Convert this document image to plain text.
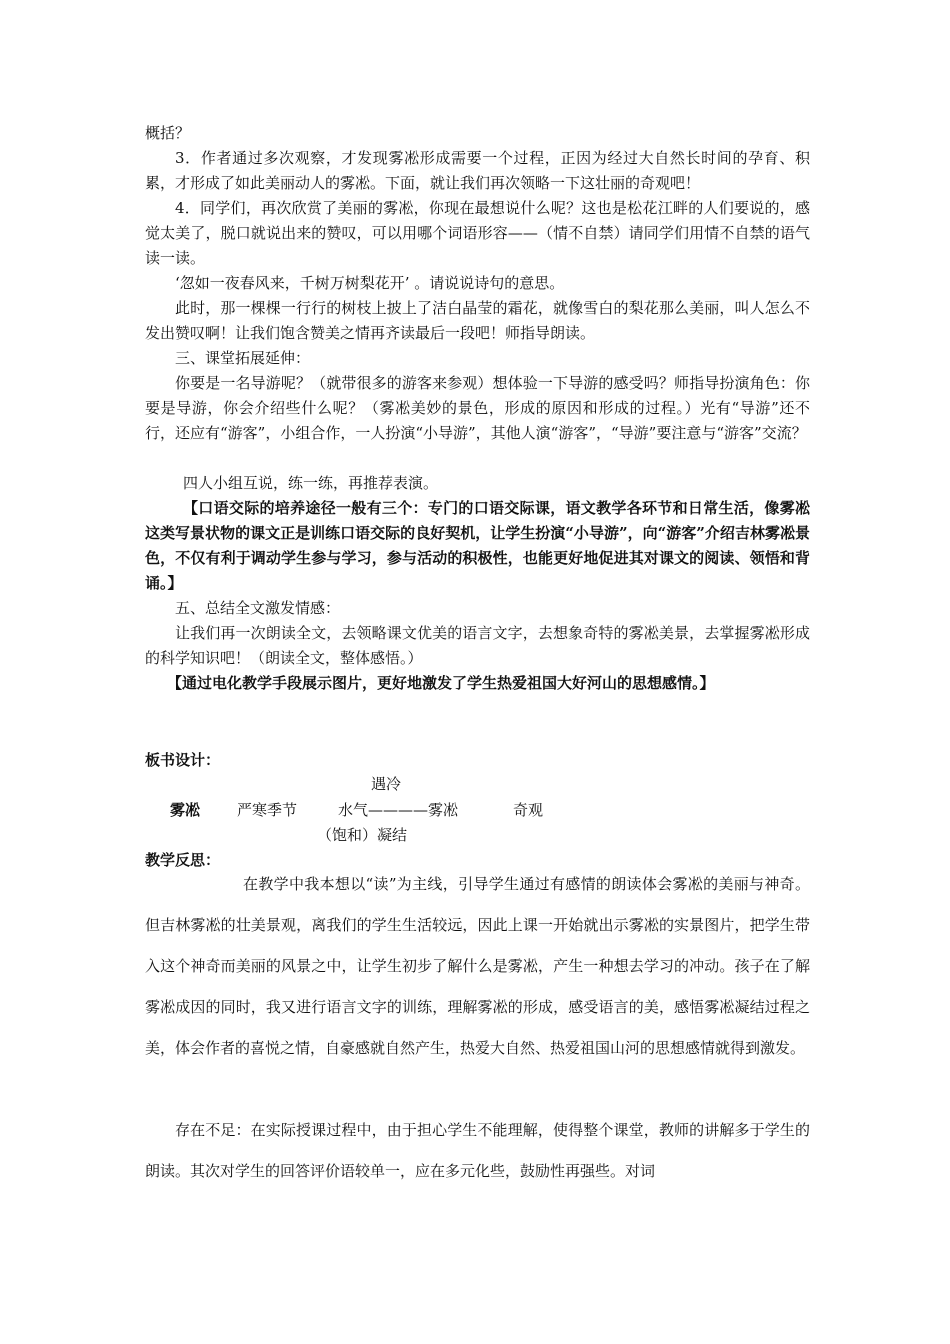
概括？

3．作者通过多次观察，才发现雾凇形成需要一个过程，正因为经过大自然长时间的孕育、积累，才形成了如此美丽动人的雾凇。下面，就让我们再次领略一下这壮丽的奇观吧！

4．同学们，再次欣赏了美丽的雾凇，你现在最想说什么呢？这也是松花江畔的人们要说的，感觉太美了，脱口就说出来的赞叹，可以用哪个词语形容——（情不自禁）请同学们用情不自禁的语气读一读。

‘忽如一夜春风来，千树万树梨花开’ 。请说说诗句的意思。

此时，那一棵棵一行行的树枝上披上了洁白晶莹的霜花，就像雪白的梨花那么美丽，叫人怎么不发出赞叹啊！让我们饱含赞美之情再齐读最后一段吧！师指导朗读。

三、课堂拓展延伸：

你要是一名导游呢？（就带很多的游客来参观）想体验一下导游的感受吗？师指导扮演角色：你要是导游，你会介绍些什么呢？（雾凇美妙的景色，形成的原因和形成的过程。）光有“导游”还不行，还应有“游客”，小组合作，一人扮演“小导游”，其他人演“游客”，“导游”要注意与“游客”交流？

四人小组互说，练一练，再推荐表演。

【口语交际的培养途径一般有三个：专门的口语交际课，语文教学各环节和日常生活，像雾凇这类写景状物的课文正是训练口语交际的良好契机，让学生扮演“小导游”，向“游客”介绍吉林雾凇景色，不仅有利于调动学生参与学习，参与活动的积极性，也能更好地促进其对课文的阅读、领悟和背诵。】

五、总结全文激发情感：

让我们再一次朗读全文，去领略课文优美的语言文字，去想象奇特的雾凇美景，去掌握雾凇形成的科学知识吧！（朗读全文，整体感悟。）

【通过电化教学手段展示图片，更好地激发了学生热爱祖国大好河山的思想感情。】

板书设计：

遇冷

雾凇 严寒季节	水气————雾凇	奇观

（饱和）凝结

教学反思：

在教学中我本想以“读”为主线，引导学生通过有感情的朗读体会雾凇的美丽与神奇。但吉林雾凇的壮美景观，离我们的学生生活较远，因此上课一开始就出示雾凇的实景图片，把学生带入这个神奇而美丽的风景之中，让学生初步了解什么是雾凇，产生一种想去学习的冲动。孩子在了解雾凇成因的同时，我又进行语言文字的训练，理解雾凇的形成，感受语言的美，感悟雾凇凝结过程之美，体会作者的喜悦之情，自豪感就自然产生，热爱大自然、热爱祖国山河的思想感情就得到激发。

存在不足：在实际授课过程中，由于担心学生不能理解，使得整个课堂，教师的讲解多于学生的朗读。其次对学生的回答评价语较单一，应在多元化些，鼓励性再强些。对词
